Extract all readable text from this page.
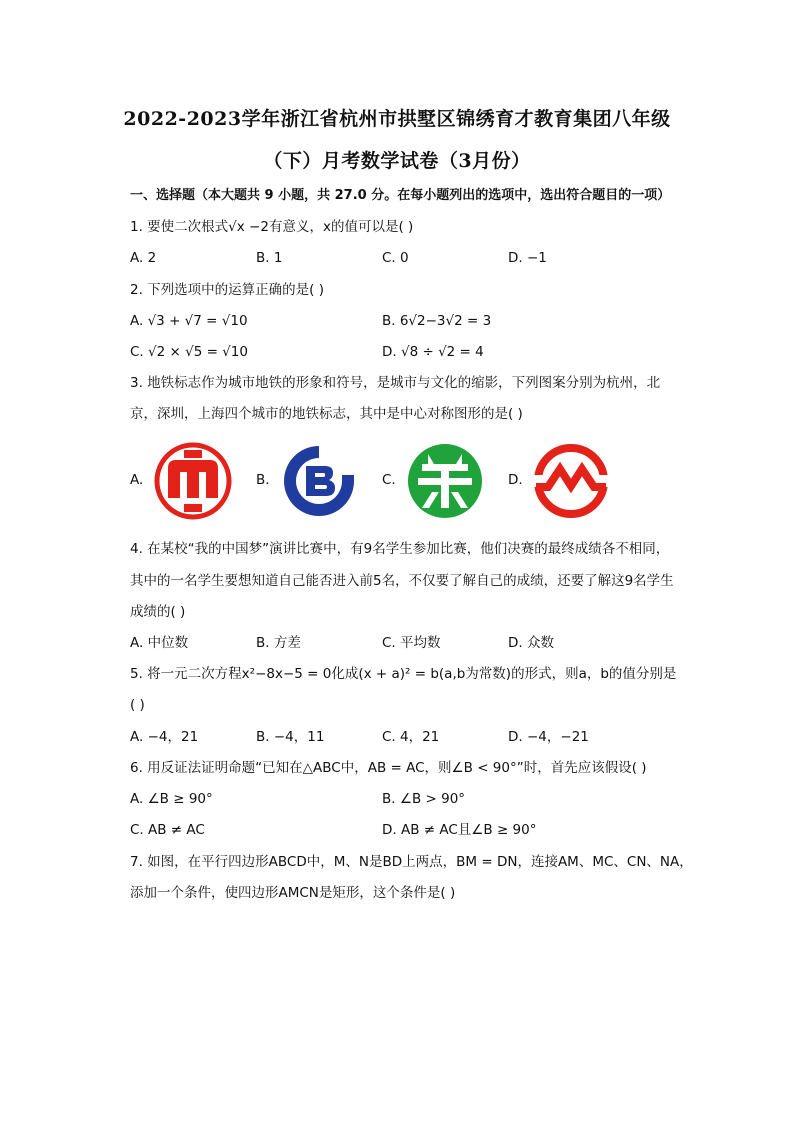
2022-2023学年浙江省杭州市拱墅区锦绣育才教育集团八年级
（下）月考数学试卷（3月份）
一、选择题（本大题共 9 小题，共 27.0 分。在每小题列出的选项中，选出符合题目的一项）
1. 要使二次根式√x −2有意义，x的值可以是( )
A. 2	B. 1	C. 0	D. −1
2. 下列选项中的运算正确的是( )
A. √3 + √7 = √10	B. 6√2−3√2 = 3
C. √2 × √5 = √10	D. √8 ÷ √2 = 4
3. 地铁标志作为城市地铁的形象和符号，是城市与文化的缩影，下列图案分别为杭州，北
京，深圳，上海四个城市的地铁标志，其中是中心对称图形的是( )
A.	B.	C.	D.
4. 在某校“我的中国梦”演讲比赛中，有9名学生参加比赛，他们决赛的最终成绩各不相同，
其中的一名学生要想知道自己能否进入前5名，不仅要了解自己的成绩，还要了解这9名学生
成绩的( )
A. 中位数	B. 方差	C. 平均数	D. 众数
5. 将一元二次方程x²−8x−5 = 0化成(x + a)² = b(a,b为常数)的形式，则a，b的值分别是
( )
A. −4，21	B. −4，11	C. 4，21	D. −4，−21
6. 用反证法证明命题“已知在△ABC中，AB = AC，则∠B < 90°”时，首先应该假设( )
A. ∠B ≥ 90°	B. ∠B > 90°
C. AB ≠ AC	D. AB ≠ AC且∠B ≥ 90°
7. 如图，在平行四边形ABCD中，M、N是BD上两点，BM = DN，连接AM、MC、CN、NA，
添加一个条件，使四边形AMCN是矩形，这个条件是( )
